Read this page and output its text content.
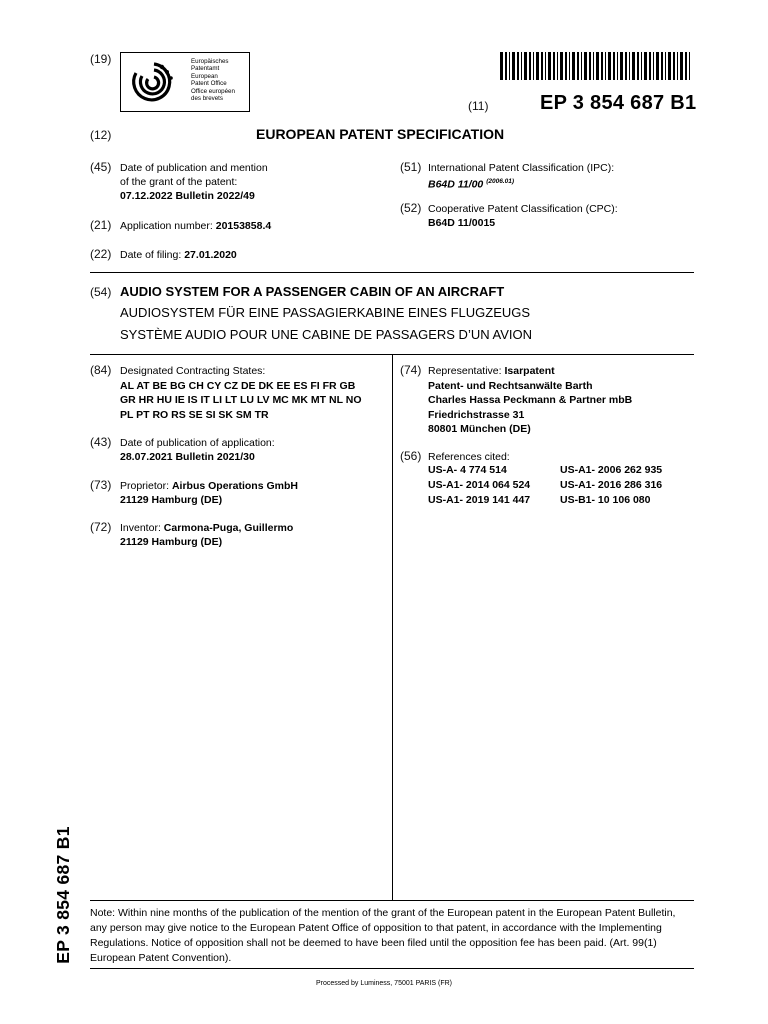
(19)	Europäisches
Patentamt
European
Patent Office
Office européen
des brevets
(11)	EP 3 854 687 B1
(12)	EUROPEAN PATENT SPECIFICATION
(45) Date of publication and mention
of the grant of the patent:
07.12.2022 Bulletin 2022/49
(51) International Patent Classification (IPC):
B64D 11/00 $^{(2006.01)}$
(52) Cooperative Patent Classification (CPC):
B64D 11/0015
(21) Application number: 20153858.4
(22) Date of filing: 27.01.2020
(54) AUDIO SYSTEM FOR A PASSENGER CABIN OF AN AIRCRAFT
AUDIOSYSTEM FÜR EINE PASSAGIERKABINE EINES FLUGZEUGS
SYSTÈME AUDIO POUR UNE CABINE DE PASSAGERS D’UN AVION
(84) Designated Contracting States:
AL AT BE BG CH CY CZ DE DK EE ES FI FR GB
GR HR HU IE IS IT LI LT LU LV MC MK MT NL NO
PL PT RO RS SE SI SK SM TR
(43) Date of publication of application:
28.07.2021 Bulletin 2021/30
(73) Proprietor: Airbus Operations GmbH
21129 Hamburg (DE)
(72) Inventor: Carmona-Puga, Guillermo
21129 Hamburg (DE)
(74) Representative: Isarpatent
Patent- und Rechtsanwälte Barth
Charles Hassa Peckmann & Partner mbB
Friedrichstrasse 31
80801 München (DE)
(56) References cited:
US-A- 4 774 514	US-A1- 2006 262 935
US-A1- 2014 064 524	US-A1- 2016 286 316
US-A1- 2019 141 447	US-B1- 10 106 080
Note: Within nine months of the publication of the mention of the grant of the European patent in the European Patent Bulletin, any person may give notice to the European Patent Office of opposition to that patent, in accordance with the Implementing Regulations. Notice of opposition shall not be deemed to have been filed until the opposition fee has been paid. (Art. 99(1) European Patent Convention).
EP 3 854 687 B1
Processed by Luminess, 75001 PARIS (FR)
